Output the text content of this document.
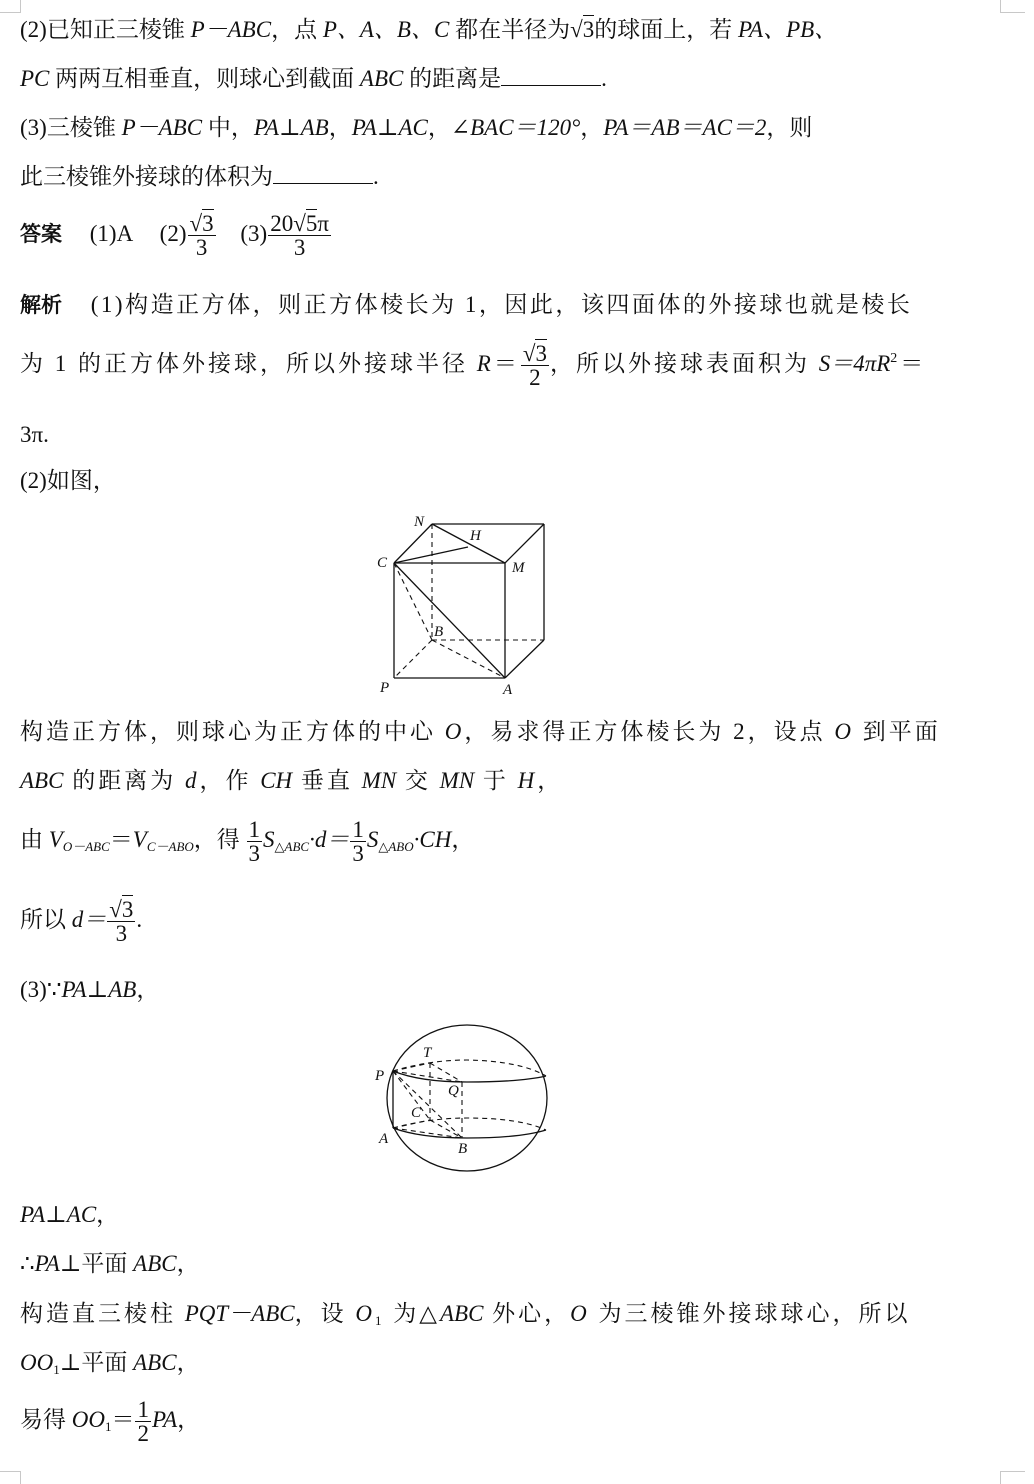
(2)已知正三棱锥 P－ABC，点 P、A、B、C 都在半径为√3的球面上，若 PA、PB、
PC 两两互相垂直，则球心到截面 ABC 的距离是	.
(3)三棱锥 P－ABC 中，PA⊥AB，PA⊥AC，∠BAC＝120°，PA＝AB＝AC＝2，则
此三棱锥外接球的体积为	.
答案 (1)A $(2) \frac{√3}{3} (3) \frac{20√5\pi}{3}$
解析 (1)构造正方体，则正方体棱长为 1，因此，该四面体的外接球也就是棱长
为 1 的正方体外接球，所以外接球半径 $R= \frac{√3}{2}$ ，所以外接球表面积为 $S=4\pi R^2=$
3π.
(2)如图，
N
H
C	M
B
P	A
构造正方体，则球心为正方体的中心 O，易求得正方体棱长为 2，设点 O 到平面
ABC 的距离为 d，作 CH 垂直 MN 交 MN 于 H，
由 $V_{O-ABC}=V_{C-ABO}$，得 $\frac{1}{3} S_{\triangle ABC}\cdot d= \frac{1}{3} S_{\triangle ABO}\cdot CH$，
所以 $d= \frac{√3}{3}$ .
(3)∵PA⊥AB，
T
P
Q
C
A
B
PA⊥AC，
∴PA⊥平面 ABC，
构造直三棱柱 PQT－ABC，设 $O_1$ 为△ABC 外心，O 为三棱锥外接球球心，所以
$OO_1\perp$平面 ABC，
易得 $OO_1= \frac{1}{2}$ PA，
